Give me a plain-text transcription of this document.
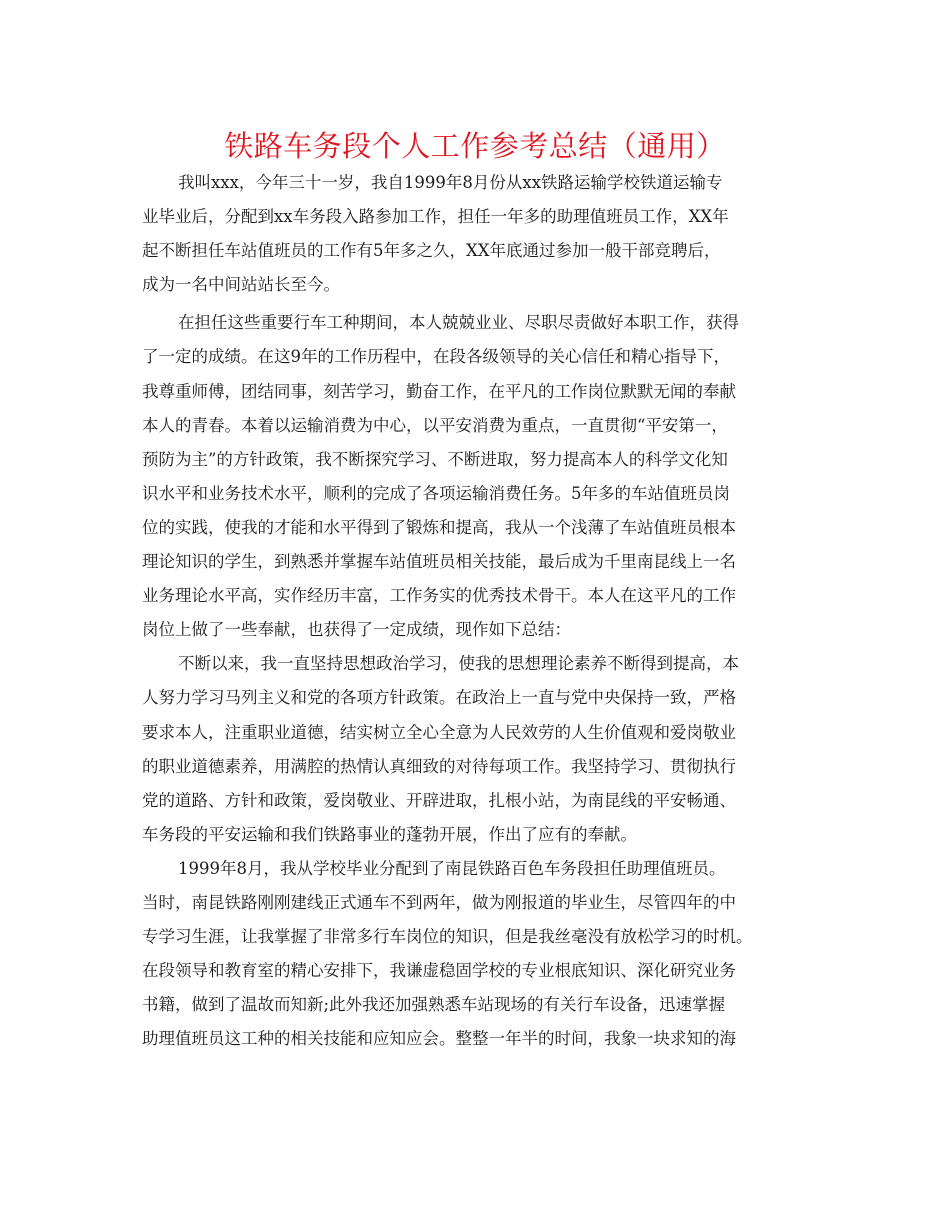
铁路车务段个人工作参考总结（通用）
我叫xxx，今年三十一岁，我自1999年8月份从xx铁路运输学校铁道运输专
业毕业后，分配到xx车务段入路参加工作，担任一年多的助理值班员工作，XX年
起不断担任车站值班员的工作有5年多之久，XX年底通过参加一般干部竞聘后，
成为一名中间站站长至今。
在担任这些重要行车工种期间，本人兢兢业业、尽职尽责做好本职工作，获得
了一定的成绩。在这9年的工作历程中，在段各级领导的关心信任和精心指导下，
我尊重师傅，团结同事，刻苦学习，勤奋工作，在平凡的工作岗位默默无闻的奉献
本人的青春。本着以运输消费为中心，以平安消费为重点，一直贯彻“平安第一，
预防为主”的方针政策，我不断探究学习、不断进取，努力提高本人的科学文化知
识水平和业务技术水平，顺利的完成了各项运输消费任务。5年多的车站值班员岗
位的实践，使我的才能和水平得到了锻炼和提高，我从一个浅薄了车站值班员根本
理论知识的学生，到熟悉并掌握车站值班员相关技能，最后成为千里南昆线上一名
业务理论水平高，实作经历丰富，工作务实的优秀技术骨干。本人在这平凡的工作
岗位上做了一些奉献，也获得了一定成绩，现作如下总结：
不断以来，我一直坚持思想政治学习，使我的思想理论素养不断得到提高，本
人努力学习马列主义和党的各项方针政策。在政治上一直与党中央保持一致，严格
要求本人，注重职业道德，结实树立全心全意为人民效劳的人生价值观和爱岗敬业
的职业道德素养，用满腔的热情认真细致的对待每项工作。我坚持学习、贯彻执行
党的道路、方针和政策，爱岗敬业、开辟进取，扎根小站，为南昆线的平安畅通、
车务段的平安运输和我们铁路事业的蓬勃开展，作出了应有的奉献。
1999年8月，我从学校毕业分配到了南昆铁路百色车务段担任助理值班员。
当时，南昆铁路刚刚建线正式通车不到两年，做为刚报道的毕业生，尽管四年的中
专学习生涯，让我掌握了非常多行车岗位的知识，但是我丝毫没有放松学习的时机。
在段领导和教育室的精心安排下，我谦虚稳固学校的专业根底知识、深化研究业务
书籍，做到了温故而知新;此外我还加强熟悉车站现场的有关行车设备，迅速掌握
助理值班员这工种的相关技能和应知应会。整整一年半的时间，我象一块求知的海
